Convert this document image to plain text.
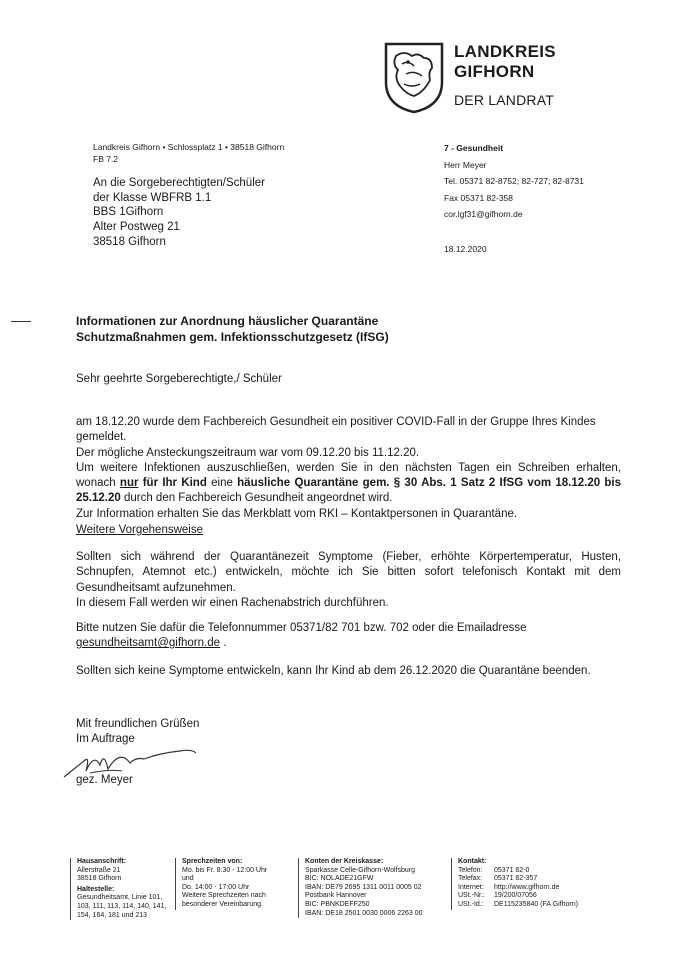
LANDKREIS
GIFHORN
DER LANDRAT
Landkreis Gifhorn • Schlossplatz 1 • 38518 Gifhorn
FB 7.2
An die Sorgeberechtigten/Schüler
der Klasse WBFRB 1.1
BBS 1Gifhorn
Alter Postweg 21
38518 Gifhorn
7 - Gesundheit
Herr Meyer
Tel. 05371 82-8752; 82-727; 82-8731
Fax 05371 82-358
cor.lgf31@gifhorn.de
18.12.2020
Informationen zur Anordnung häuslicher Quarantäne
Schutzmaßnahmen gem. Infektionsschutzgesetz (IfSG)
Sehr geehrte Sorgeberechtigte,/ Schüler

am 18.12.20 wurde dem Fachbereich Gesundheit ein positiver COVID-Fall in der Gruppe Ihres Kindes gemeldet.

Der mögliche Ansteckungszeitraum war vom 09.12.20 bis 11.12.20.

Um weitere Infektionen auszuschließen, werden Sie in den nächsten Tagen ein Schreiben erhalten, wonach nur für Ihr Kind eine häusliche Quarantäne gem. § 30 Abs. 1 Satz 2 IfSG vom 18.12.20 bis 25.12.20 durch den Fachbereich Gesundheit angeordnet wird.

Zur Information erhalten Sie das Merkblatt vom RKI – Kontaktpersonen in Quarantäne.

Weitere Vorgehensweise

Sollten sich während der Quarantänezeit Symptome (Fieber, erhöhte Körpertemperatur, Husten, Schnupfen, Atemnot etc.) entwickeln, möchte ich Sie bitten sofort telefonisch Kontakt mit dem Gesundheitsamt aufzunehmen.

In diesem Fall werden wir einen Rachenabstrich durchführen.

Bitte nutzen Sie dafür die Telefonnummer 05371/82 701 bzw. 702 oder die Emailadresse
gesundheitsamt@gifhorn.de .

Sollten sich keine Symptome entwickeln, kann Ihr Kind ab dem 26.12.2020 die Quarantäne beenden.
Mit freundlichen Grüßen
Im Auftrage
gez. Meyer
Hausanschrift:
Allerstraße 21
38518 Gifhorn
Haltestelle:
Gesundheitsamt, Linie 101, 103, 111, 113, 114, 140, 141, 154, 164, 181 und 213
Sprechzeiten von:
Mo. bis Fr. 8:30 - 12:00 Uhr
und
Do. 14:00 - 17:00 Uhr
Weitere Sprechzeiten nach besonderer Vereinbarung.
Konten der Kreiskasse:
Sparkasse Celle-Gifhorn-Wolfsburg
BIC: NOLADE21GFW
IBAN: DE79 2695 1311 0011 0005 02
Postbank Hannover
BIC: PBNKDEFF250
IBAN: DE18 2501 0030 0006 2263 00
Kontakt:
Telefon:	05371 82-0
Telefax:	05371 82-357
Internet:	http://www.gifhorn.de
USt.-Nr.:	19/200/07056
USt.-Id.:	DE115235840 (FA Gifhorn)
